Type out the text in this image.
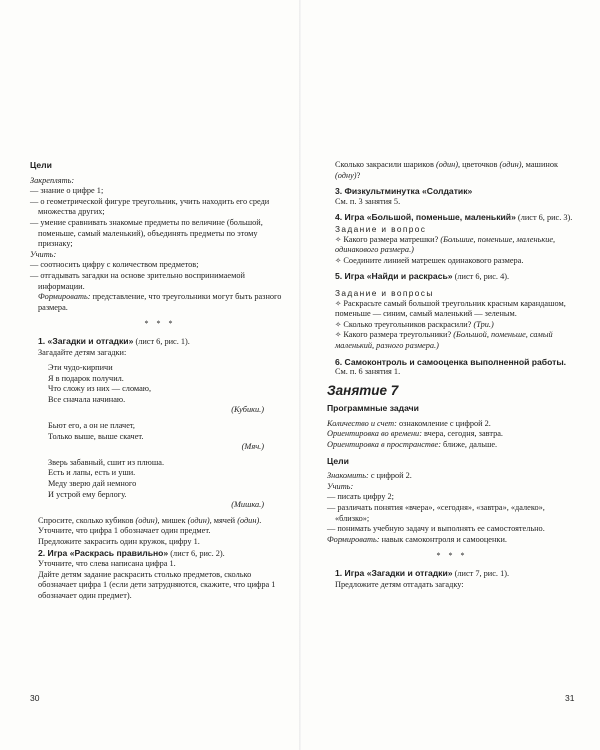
Цели

Закреплять:

— знание о цифре 1;

— о геометрической фигуре треугольник, учить находить его среди множества других;

— умение сравнивать знакомые предметы по величине (большой, поменьше, самый маленький), объединять предметы по этому признаку;

Учить:

— соотносить цифру с количеством предметов;

— отгадывать загадки на основе зрительно воспринимаемой информации.

Формировать: представление, что треугольники могут быть разного размера.

* * *

1. «Загадки и отгадки» (лист 6, рис. 1).

Загадайте детям загадки:

Эти чудо-кирпичи

Я в подарок получил.

Что сложу из них — сломаю,

Все сначала начинаю.

(Кубики.)

Бьют его, а он не плачет,

Только выше, выше скачет.

(Мяч.)

Зверь забавный, сшит из плюша.

Есть и лапы, есть и уши.

Меду зверю дай немного

И устрой ему берлогу.

(Мишка.)

Спросите, сколько кубиков (один), мишек (один), мячей (один). Уточните, что цифра 1 обозначает один предмет.

Предложите закрасить один кружок, цифру 1.

2. Игра «Раскрась правильно» (лист 6, рис. 2).

Уточните, что слева написана цифра 1.

Дайте детям задание раскрасить столько предметов, сколько обозначает цифра 1 (если дети затрудняются, скажите, что цифра 1 обозначает один предмет).

30

Сколько закрасили шариков (один), цветочков (один), машинок (одну)?

3. Физкультминутка «Солдатик»

См. п. 3 занятия 5.

4. Игра «Большой, поменьше, маленький» (лист 6, рис. 3).

Задание и вопрос

✧ Какого размера матрешки? (Большие, поменьше, маленькие, одинакового размера.)

✧ Соедините линией матрешек одинакового размера.

5. Игра «Найди и раскрась» (лист 6, рис. 4).

Задание и вопросы

✧ Раскрасьте самый большой треугольник красным карандашом, поменьше — синим, самый маленький — зеленым.

✧ Сколько треугольников раскрасили? (Три.)

✧ Какого размера треугольники? (Большой, поменьше, самый маленький, разного размера.)

6. Самоконтроль и самооценка выполненной работы.

См. п. 6 занятия 1.

Занятие 7

Программные задачи

Количество и счет: ознакомление с цифрой 2.

Ориентировка во времени: вчера, сегодня, завтра.

Ориентировка в пространстве: ближе, дальше.

Цели

Знакомить: с цифрой 2.

Учить:

— писать цифру 2;

— различать понятия «вчера», «сегодня», «завтра», «далеко», «близко»;

— понимать учебную задачу и выполнять ее самостоятельно.

Формировать: навык самоконтроля и самооценки.

* * *

1. Игра «Загадки и отгадки» (лист 7, рис. 1).

Предложите детям отгадать загадку:

31
